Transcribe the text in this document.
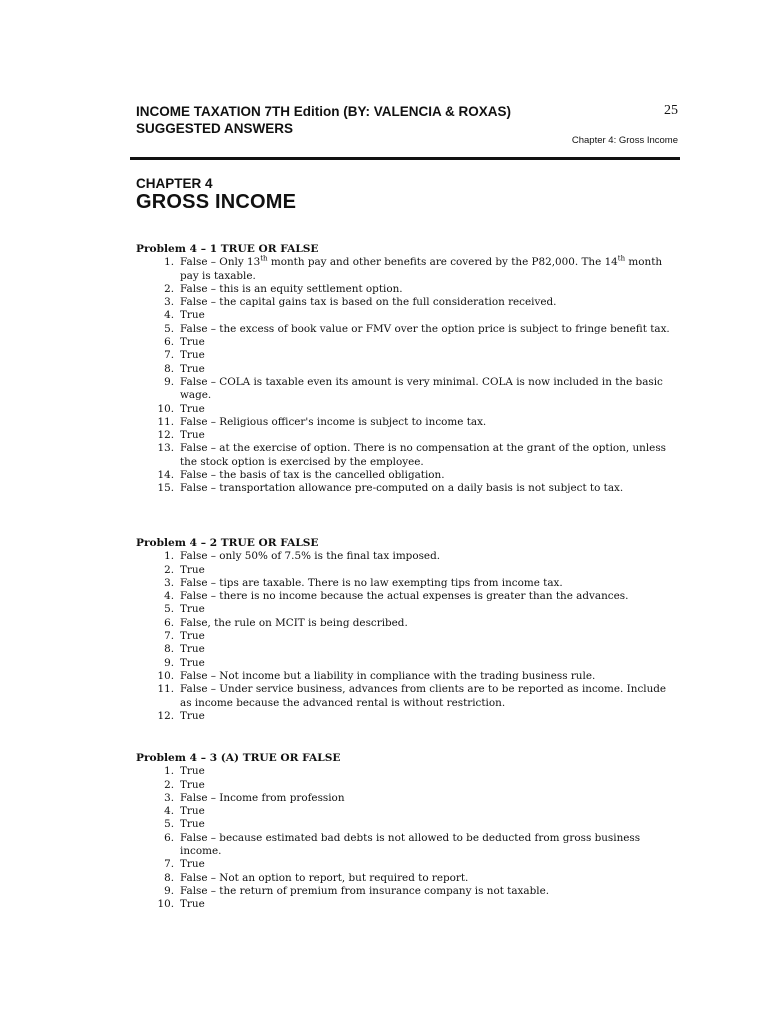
INCOME TAXATION 7TH Edition (BY: VALENCIA & ROXAS)
SUGGESTED ANSWERS
25
Chapter 4: Gross Income
CHAPTER 4
GROSS INCOME
Problem 4 – 1 TRUE OR FALSE
1. False – Only 13th month pay and other benefits are covered by the P82,000. The 14th month pay is taxable.
2. False – this is an equity settlement option.
3. False – the capital gains tax is based on the full consideration received.
4. True
5. False – the excess of book value or FMV over the option price is subject to fringe benefit tax.
6. True
7. True
8. True
9. False – COLA is taxable even its amount is very minimal. COLA is now included in the basic wage.
10. True
11. False – Religious officer's income is subject to income tax.
12. True
13. False – at the exercise of option. There is no compensation at the grant of the option, unless the stock option is exercised by the employee.
14. False – the basis of tax is the cancelled obligation.
15. False – transportation allowance pre-computed on a daily basis is not subject to tax.
Problem 4 – 2 TRUE OR FALSE
1. False – only 50% of 7.5% is the final tax imposed.
2. True
3. False – tips are taxable. There is no law exempting tips from income tax.
4. False – there is no income because the actual expenses is greater than the advances.
5. True
6. False, the rule on MCIT is being described.
7. True
8. True
9. True
10. False – Not income but a liability in compliance with the trading business rule.
11. False – Under service business, advances from clients are to be reported as income. Include as income because the advanced rental is without restriction.
12. True
Problem 4 – 3 (A) TRUE OR FALSE
1. True
2. True
3. False – Income from profession
4. True
5. True
6. False – because estimated bad debts is not allowed to be deducted from gross business income.
7. True
8. False – Not an option to report, but required to report.
9. False – the return of premium from insurance company is not taxable.
10. True
